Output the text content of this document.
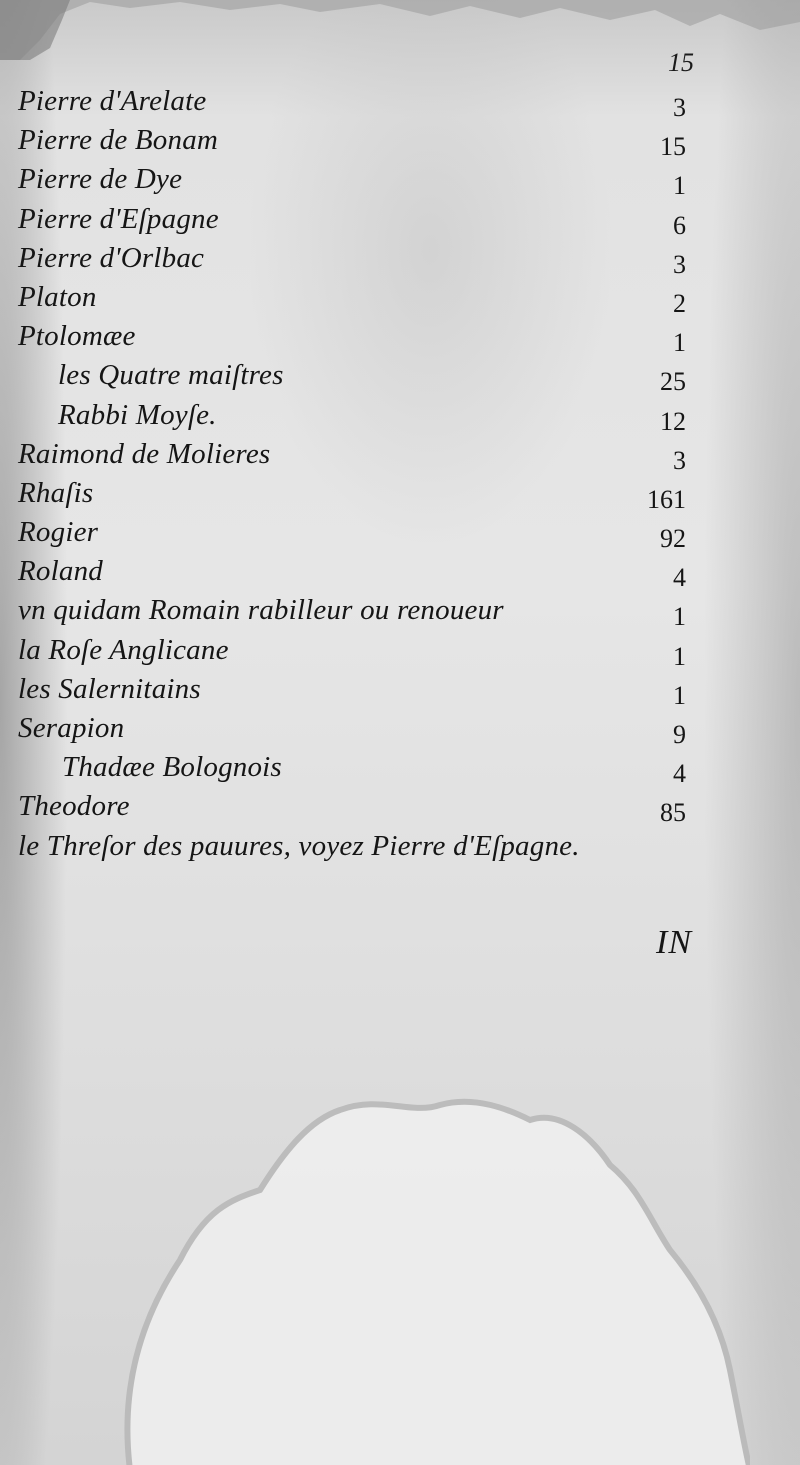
15
Pierre d'Arelate	3
Pierre de Bonam	15
Pierre de Dye	1
Pierre d'Eſpagne	6
Pierre d'Orlbac	3
Platon	2
Ptolomæe	1
les Quatre maiſtres	25
Rabbi Moyſe.	12
Raimond de Molieres	3
Rhaſis	161
Rogier	92
Roland	4
vn quidam Romain rabilleur ou renoueur	1
la Roſe Anglicane	1
les Salernitains	1
Serapion	9
Thadæe Bolognois	4
Theodore	85
le Threſor des pauures, voyez Pierre d'Eſpagne.
IN
